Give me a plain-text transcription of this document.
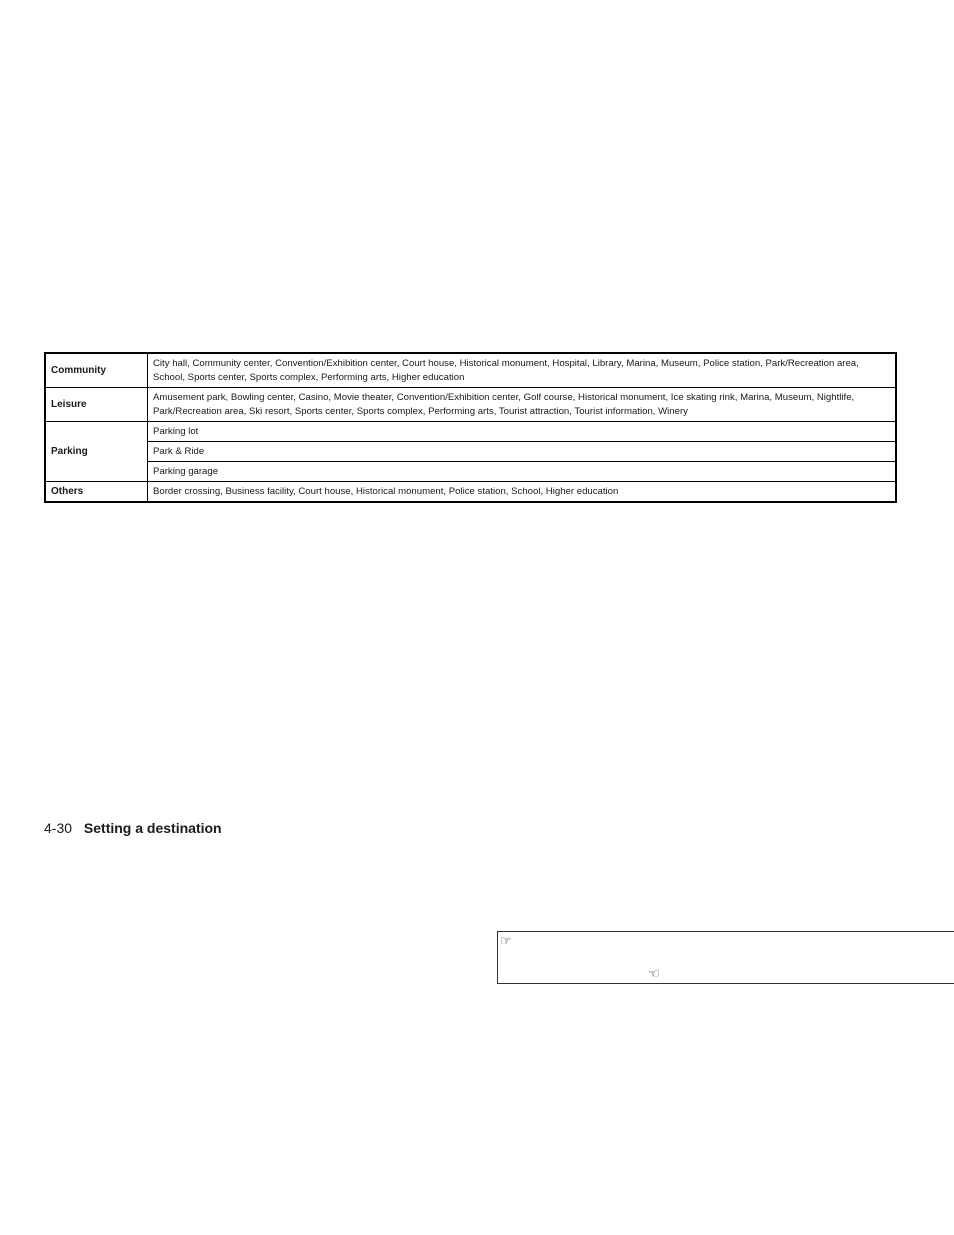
Community	City hall, Community center, Convention/Exhibition center, Court house, Historical monument, Hospital, Library, Marina, Museum, Police station, Park/Recreation area, School, Sports center, Sports complex, Performing arts, Higher education
Leisure	Amusement park, Bowling center, Casino, Movie theater, Convention/Exhibition center, Golf course, Historical monument, Ice skating rink, Marina, Museum, Nightlife, Park/Recreation area, Ski resort, Sports center, Sports complex, Performing arts, Tourist attraction, Tourist information, Winery
Parking	Parking lot
	Park & Ride
	Parking garage
Others	Border crossing, Business facility, Court house, Historical monument, Police station, School, Higher education
4-30 Setting a destination
☞
☜
